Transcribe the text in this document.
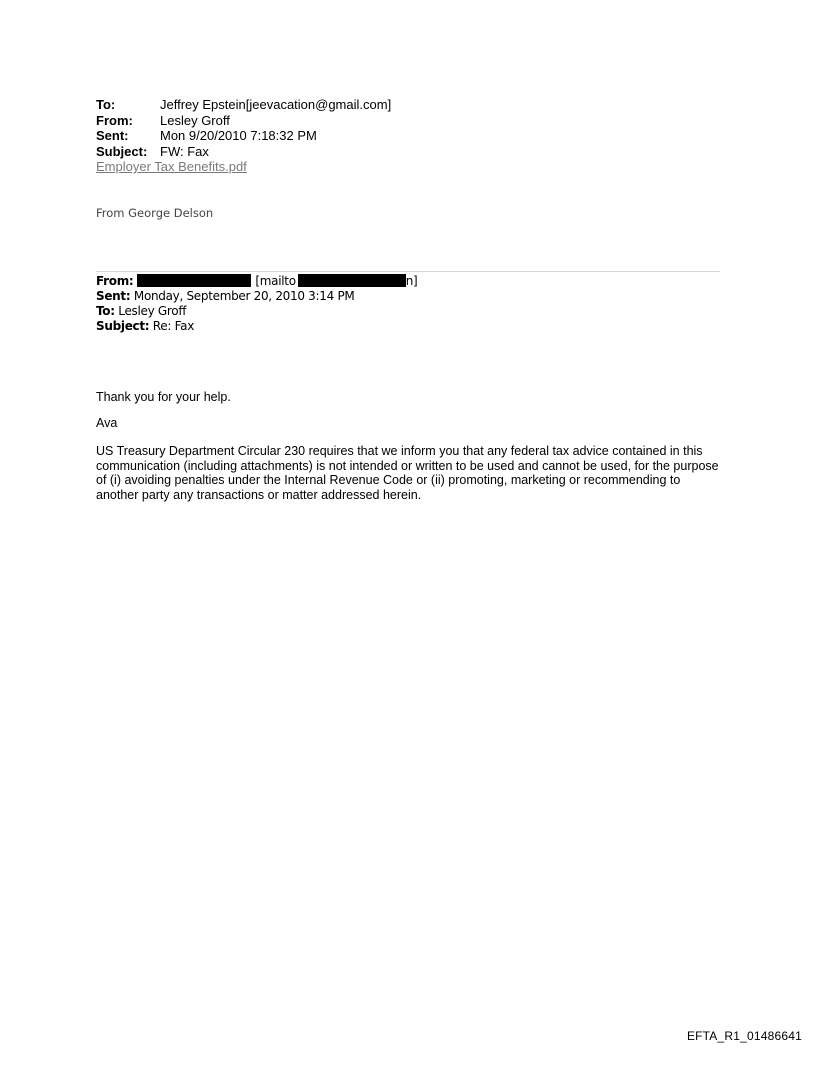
To:	Jeffrey Epstein[jeevacation@gmail.com]
From:	Lesley Groff
Sent:	Mon 9/20/2010 7:18:32 PM
Subject: FW: Fax
Employer Tax Benefits.pdf
From George Delson
From:	[mailto	n]
Sent: Monday, September 20, 2010 3:14 PM
To: Lesley Groff
Subject: Re: Fax

Thank you for your help.

Ava

US Treasury Department Circular 230 requires that we inform you that any federal tax advice contained in this communication (including attachments) is not intended or written to be used and cannot be used, for the purpose of (i) avoiding penalties under the Internal Revenue Code or (ii) promoting, marketing or recommending to another party any transactions or matter addressed herein.

EFTA_R1_01486641
